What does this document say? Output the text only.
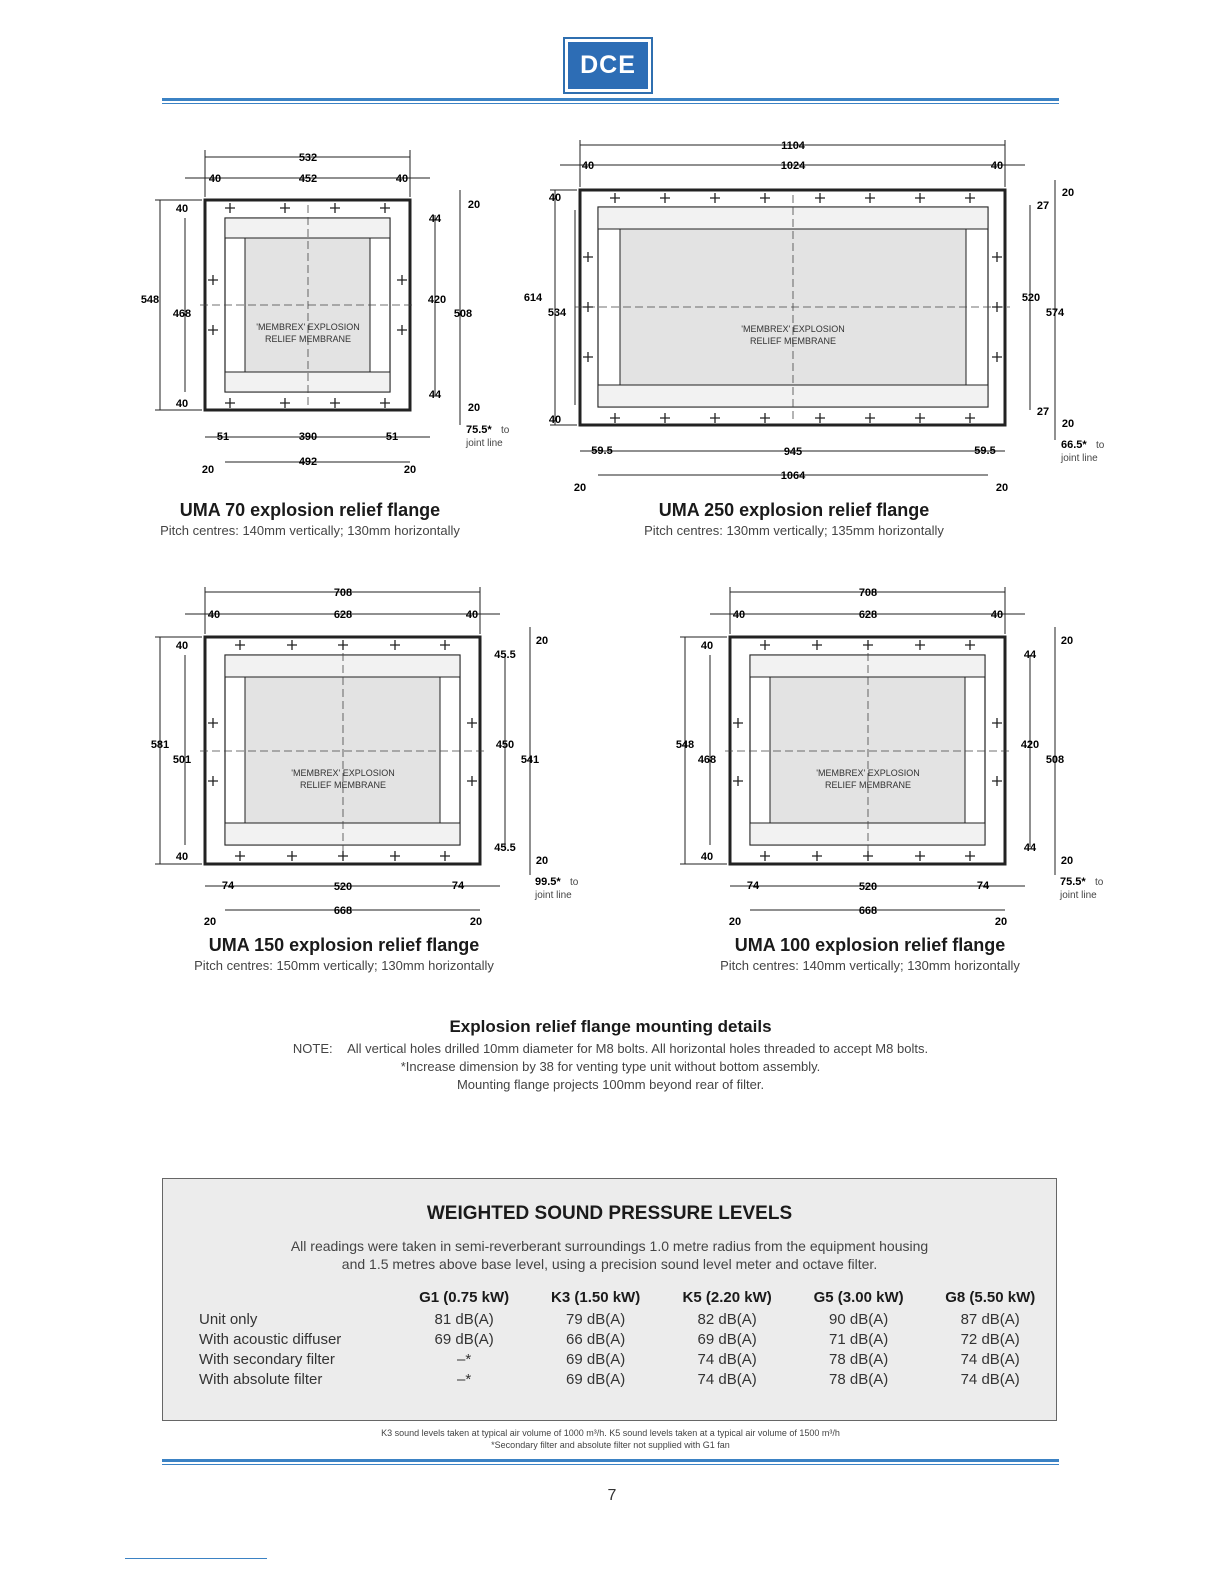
DCE
'MEMBREX' EXPLOSION
RELIEF MEMBRANE
532
452
40	40
40
40
548
468
420
508
20
44
44
20
75.5* to
joint line
51	390	51
492
20	20
UMA 70 explosion relief flange
Pitch centres: 140mm vertically; 130mm horizontally
'MEMBREX' EXPLOSION
RELIEF MEMBRANE
1104
1024
40	40
40
40
614
534
520
574
20
27
27
20
66.5* to
joint line
59.5	945	59.5
1064
20	20
UMA 250 explosion relief flange
Pitch centres: 130mm vertically; 135mm horizontally
'MEMBREX' EXPLOSION
RELIEF MEMBRANE
708
628
40	40
40
40
581
501
450
541
20
45.5
45.5
20
99.5* to
joint line
74	520	74
668
20	20
UMA 150 explosion relief flange
Pitch centres: 150mm vertically; 130mm horizontally
'MEMBREX' EXPLOSION
RELIEF MEMBRANE
708
628
40	40
40
40
548
468
420
508
20
44
44
20
75.5* to
joint line
74	520	74
668
20	20
UMA 100 explosion relief flange
Pitch centres: 140mm vertically; 130mm horizontally
Explosion relief flange mounting details
NOTE: All vertical holes drilled 10mm diameter for M8 bolts. All horizontal holes threaded to accept M8 bolts.
*Increase dimension by 38 for venting type unit without bottom assembly.
Mounting flange projects 100mm beyond rear of filter.
WEIGHTED SOUND PRESSURE LEVELS
All readings were taken in semi-reverberant surroundings 1.0 metre radius from the equipment housing
and 1.5 metres above base level, using a precision sound level meter and octave filter.
	G1 (0.75 kW)	K3 (1.50 kW)	K5 (2.20 kW)	G5 (3.00 kW)	G8 (5.50 kW)
Unit only	81 dB(A)	79 dB(A)	82 dB(A)	90 dB(A)	87 dB(A)
With acoustic diffuser	69 dB(A)	66 dB(A)	69 dB(A)	71 dB(A)	72 dB(A)
With secondary filter	–*	69 dB(A)	74 dB(A)	78 dB(A)	74 dB(A)
With absolute filter	–*	69 dB(A)	74 dB(A)	78 dB(A)	74 dB(A)
K3 sound levels taken at typical air volume of 1000 m³/h. K5 sound levels taken at a typical air volume of 1500 m³/h
*Secondary filter and absolute filter not supplied with G1 fan
7
